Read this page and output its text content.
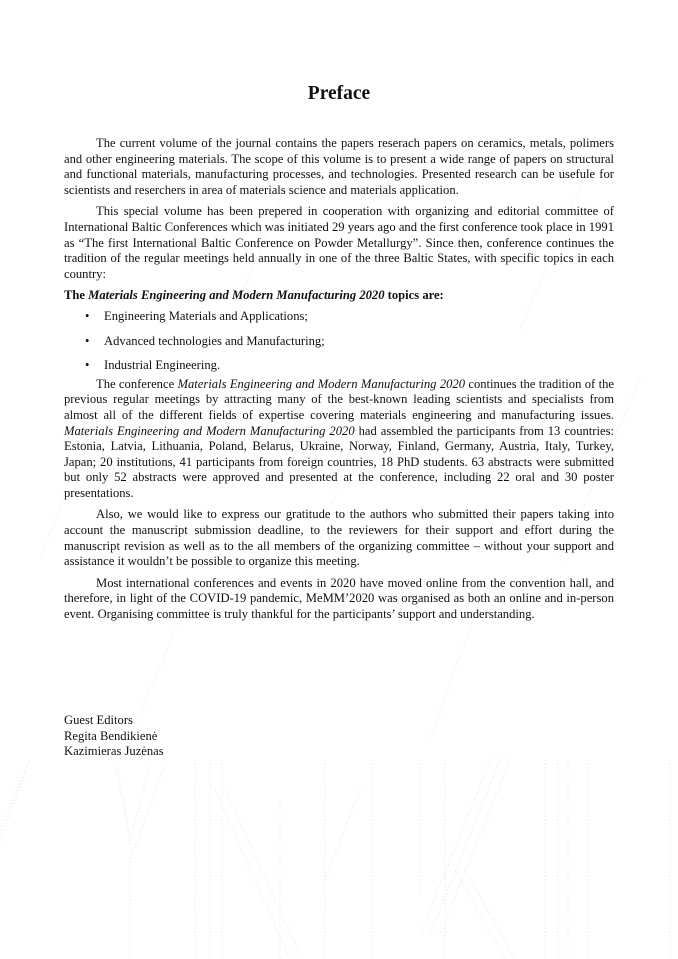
Preface

The current volume of the journal contains the papers reserach papers on ceramics, metals, polimers and other engineering materials. The scope of this volume is to present a wide range of papers on structural and functional materials, manufacturing processes, and technologies. Presented research can be usefule for scientists and reserchers in area of materials science and materials application.

This special volume has been prepered in cooperation with organizing and editorial committee of International Baltic Conferences which was initiated 29 years ago and the first conference took place in 1991 as “The first International Baltic Conference on Powder Metallurgy”. Since then, conference continues the tradition of the regular meetings held annually in one of the three Baltic States, with specific topics in each country:

The Materials Engineering and Modern Manufacturing 2020 topics are:

• Engineering Materials and Applications;
• Advanced technologies and Manufacturing;
• Industrial Engineering.

The conference Materials Engineering and Modern Manufacturing 2020 continues the tradition of the previous regular meetings by attracting many of the best-known leading scientists and specialists from almost all of the different fields of expertise covering materials engineering and manufacturing issues. Materials Engineering and Modern Manufacturing 2020 had assembled the participants from 13 countries: Estonia, Latvia, Lithuania, Poland, Belarus, Ukraine, Norway, Finland, Germany, Austria, Italy, Turkey, Japan; 20 institutions, 41 participants from foreign countries, 18 PhD students. 63 abstracts were submitted but only 52 abstracts were approved and presented at the conference, including 22 oral and 30 poster presentations.

Also, we would like to express our gratitude to the authors who submitted their papers taking into account the manuscript submission deadline, to the reviewers for their support and effort during the manuscript revision as well as to the all members of the organizing committee – without your support and assistance it wouldn’t be possible to organize this meeting.

Most international conferences and events in 2020 have moved online from the convention hall, and therefore, in light of the COVID-19 pandemic, MeMM’2020 was organised as both an online and in-person event. Organising committee is truly thankful for the participants’ support and understanding.

Guest Editors
Regita Bendikienė
Kazimieras Juzėnas
